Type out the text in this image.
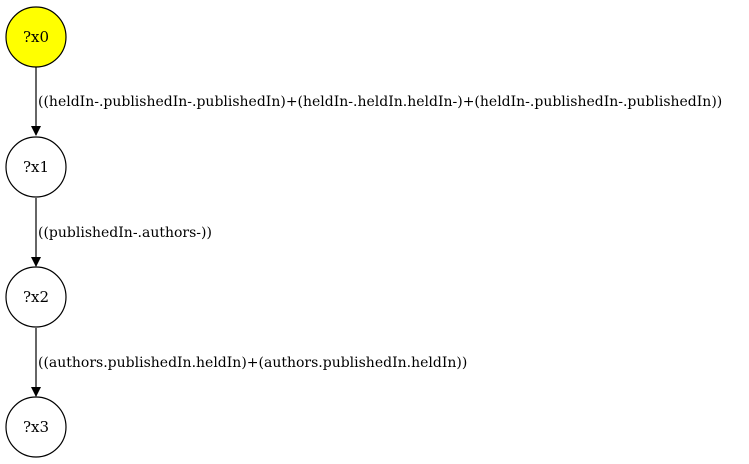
((heldIn-.publishedIn-.publishedIn)+(heldIn-.heldIn.heldIn-)+(heldIn-.publishedIn-.publishedIn))
((publishedIn-.authors-))
((authors.publishedIn.heldIn)+(authors.publishedIn.heldIn))
?x0
?x1
?x2
?x3
